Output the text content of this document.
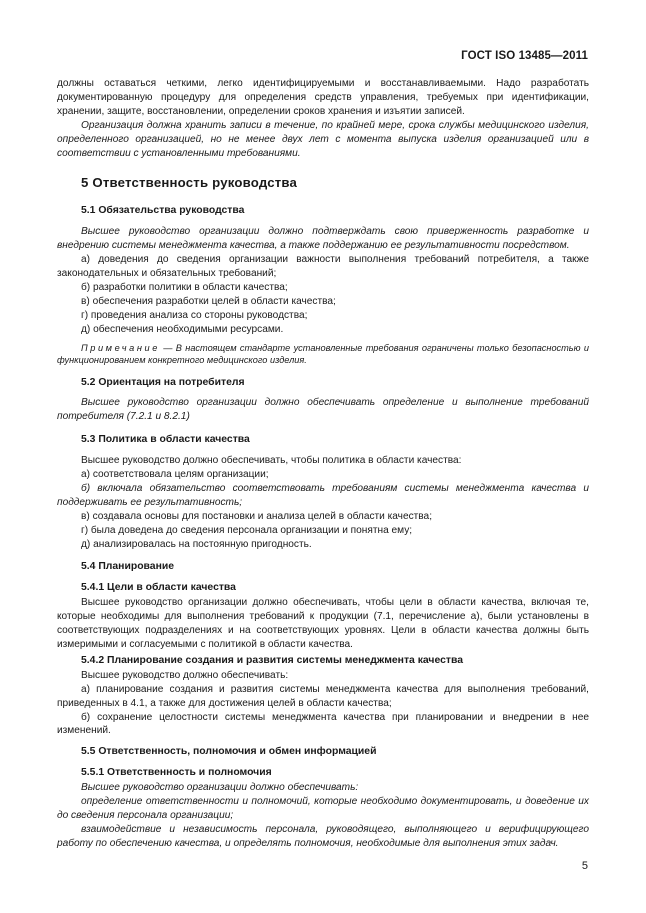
ГОСТ ISO 13485—2011

должны оставаться четкими, легко идентифицируемыми и восстанавливаемыми. Надо разработать документированную процедуру для определения средств управления, требуемых при идентификации, хранении, защите, восстановлении, определении сроков хранения и изъятии записей.

Организация должна хранить записи в течение, по крайней мере, срока службы медицинского изделия, определенного организацией, но не менее двух лет с момента выпуска изделия организацией или в соответствии с установленными требованиями.

5 Ответственность руководства
5.1 Обязательства руководства

Высшее руководство организации должно подтверждать свою приверженность разработке и внедрению системы менеджмента качества, а также поддержанию ее результативности посредством.

а) доведения до сведения организации важности выполнения требований потребителя, а также законодательных и обязательных требований;

б) разработки политики в области качества;

в) обеспечения разработки целей в области качества;

г) проведения анализа со стороны руководства;

д) обеспечения необходимыми ресурсами.

Примечание — В настоящем стандарте установленные требования ограничены только безопасностью и функционированием конкретного медицинского изделия.

5.2 Ориентация на потребителя

Высшее руководство организации должно обеспечивать определение и выполнение требований потребителя (7.2.1 и 8.2.1)

5.3 Политика в области качества

Высшее руководство должно обеспечивать, чтобы политика в области качества:

а) соответствовала целям организации;

б) включала обязательство соответствовать требованиям системы менеджмента качества и поддерживать ее результативность;

в) создавала основы для постановки и анализа целей в области качества;

г) была доведена до сведения персонала организации и понятна ему;

д) анализировалась на постоянную пригодность.

5.4 Планирование
5.4.1 Цели в области качества

Высшее руководство организации должно обеспечивать, чтобы цели в области качества, включая те, которые необходимы для выполнения требований к продукции (7.1, перечисление а), были установлены в соответствующих подразделениях и на соответствующих уровнях. Цели в области качества должны быть измеримыми и согласуемыми с политикой в области качества.

5.4.2 Планирование создания и развития системы менеджмента качества

Высшее руководство должно обеспечивать:

а) планирование создания и развития системы менеджмента качества для выполнения требований, приведенных в 4.1, а также для достижения целей в области качества;

б) сохранение целостности системы менеджмента качества при планировании и внедрении в нее изменений.

5.5 Ответственность, полномочия и обмен информацией
5.5.1 Ответственность и полномочия

Высшее руководство организации должно обеспечивать:

определение ответственности и полномочий, которые необходимо документировать, и доведение их до сведения персонала организации;

взаимодействие и независимость персонала, руководящего, выполняющего и верифицирующего работу по обеспечению качества, и определять полномочия, необходимые для выполнения этих задач.

5
